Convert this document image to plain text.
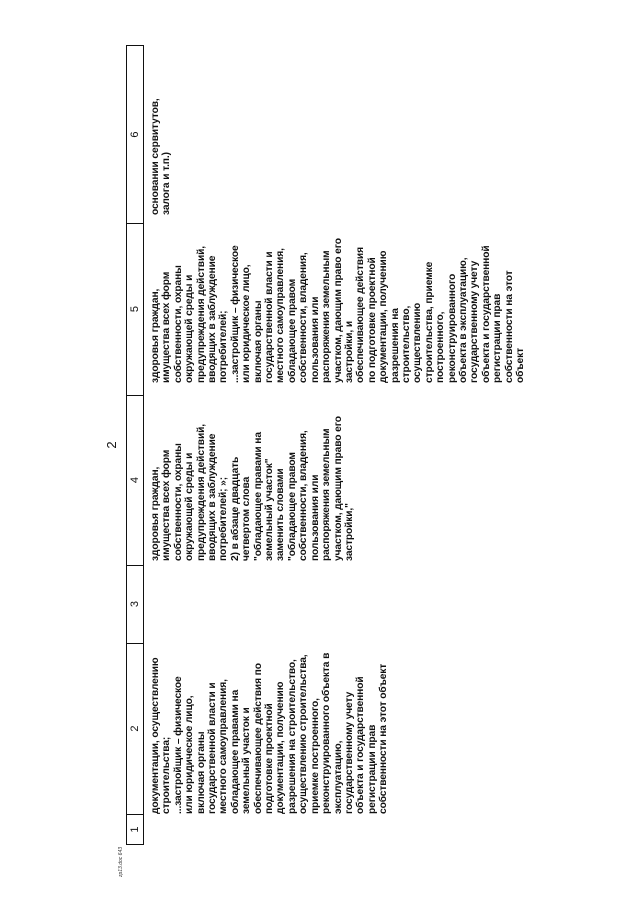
2
1
2
3
4
5
6
документации, осуществлению
строительства;
...застройщик – физическое
или юридическое лицо,
включая органы
государственной власти и
местного самоуправления,
обладающее правами на
земельный участок и
обеспечивающее действия по
подготовке проектной
документации, получению
разрешения на строительство,
осуществлению строительства,
приемке построенного,
реконструированного объекта в
эксплуатацию,
государственному учету
объекта и государственной
регистрации прав
собственности на этот объект
здоровья граждан,
имущества всех форм
собственности, охраны
окружающей среды и
предупреждения действий,
вводящих в заблуждение
потребителей; »;
2) в абзаце двадцать
четвертом слова
"обладающее правами на
земельный участок"
заменить словами
"обладающее правом
собственности, владения,
пользования или
распоряжения земельным
участком, дающим право его
застройки,"
здоровья граждан,
имущества всех форм
собственности, охраны
окружающей среды и
предупреждения действий,
вводящих в заблуждение
потребителей;
...застройщик – физическое
или юридическое лицо,
включая органы
государственной власти и
местного самоуправления,
обладающее правом
собственности, владения,
пользования или
распоряжения земельным
участком, дающим право его
застройки, и
обеспечивающее действия
по подготовке проектной
документации, получению
разрешения на
строительство,
осуществлению
строительства, приемке
построенного,
реконструированного
объекта в эксплуатацию,
государственному учету
объекта и государственной
регистрации прав
собственности на этот
объект
основании сервитутов,
залога и т.п.)
zp13.doc 643
